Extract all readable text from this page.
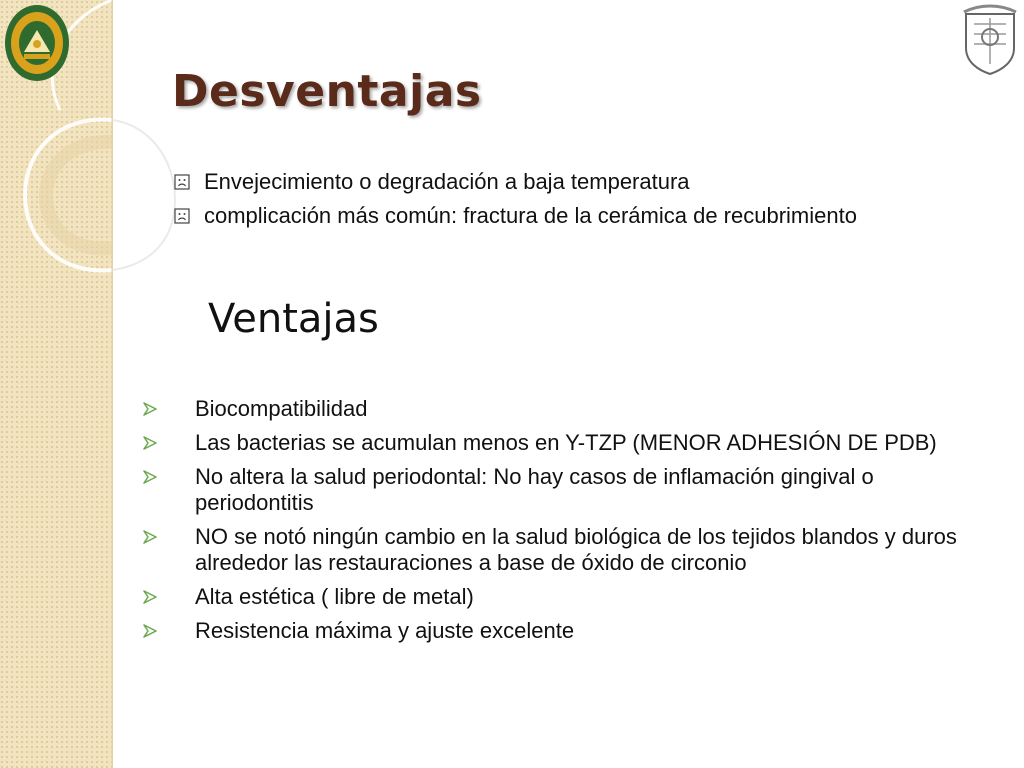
Desventajas
Envejecimiento o degradación a baja temperatura
complicación más común: fractura de la cerámica de recubrimiento
Ventajas
Biocompatibilidad
Las bacterias se acumulan menos en Y-TZP (MENOR ADHESIÓN DE PDB)
No altera la salud periodontal: No hay casos de inflamación gingival o periodontitis
NO se notó ningún cambio en la salud biológica de los tejidos blandos y duros alrededor las restauraciones a base de óxido de circonio
Alta estética ( libre de metal)
Resistencia máxima y ajuste excelente
